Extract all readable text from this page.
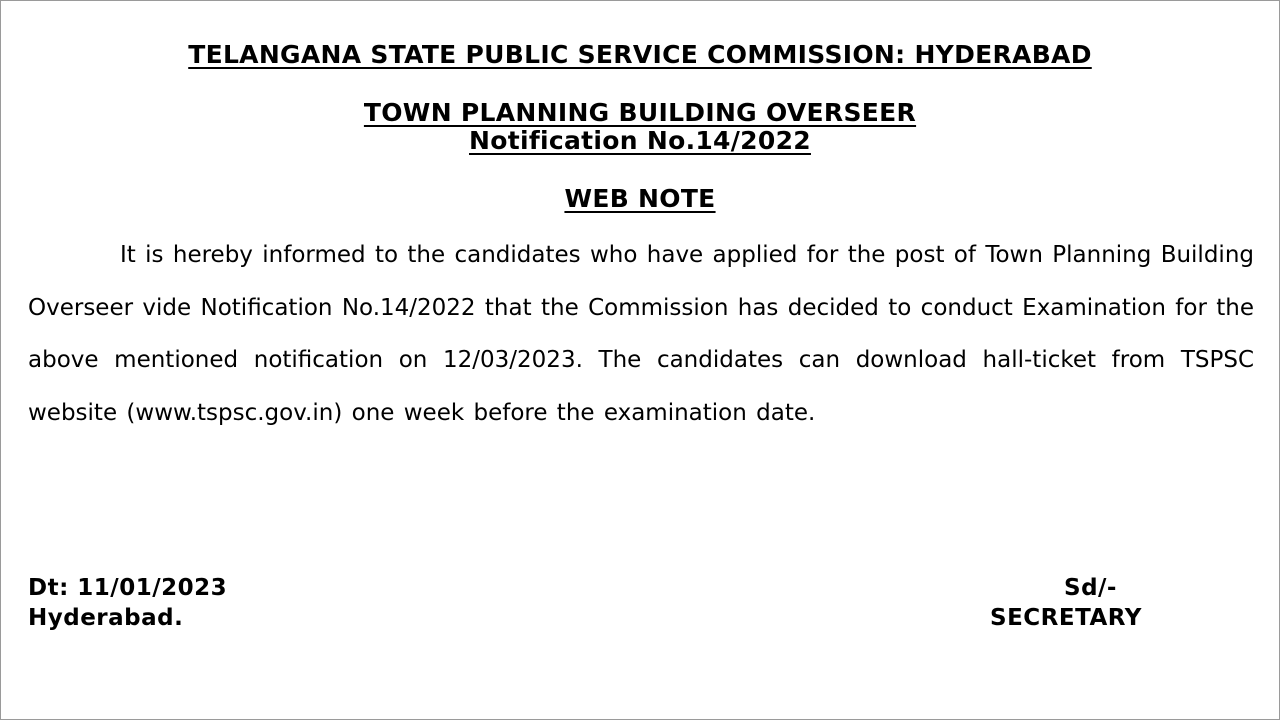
TELANGANA STATE PUBLIC SERVICE COMMISSION: HYDERABAD
TOWN PLANNING BUILDING OVERSEER
Notification No.14/2022
WEB NOTE

It is hereby informed to the candidates who have applied for the post of Town Planning Building Overseer vide Notification No.14/2022 that the Commission has decided to conduct Examination for the above mentioned notification on 12/03/2023. The candidates can download hall-ticket from TSPSC website (www.tspsc.gov.in) one week before the examination date.

Dt: 11/01/2023
Hyderabad.
Sd/-
SECRETARY
